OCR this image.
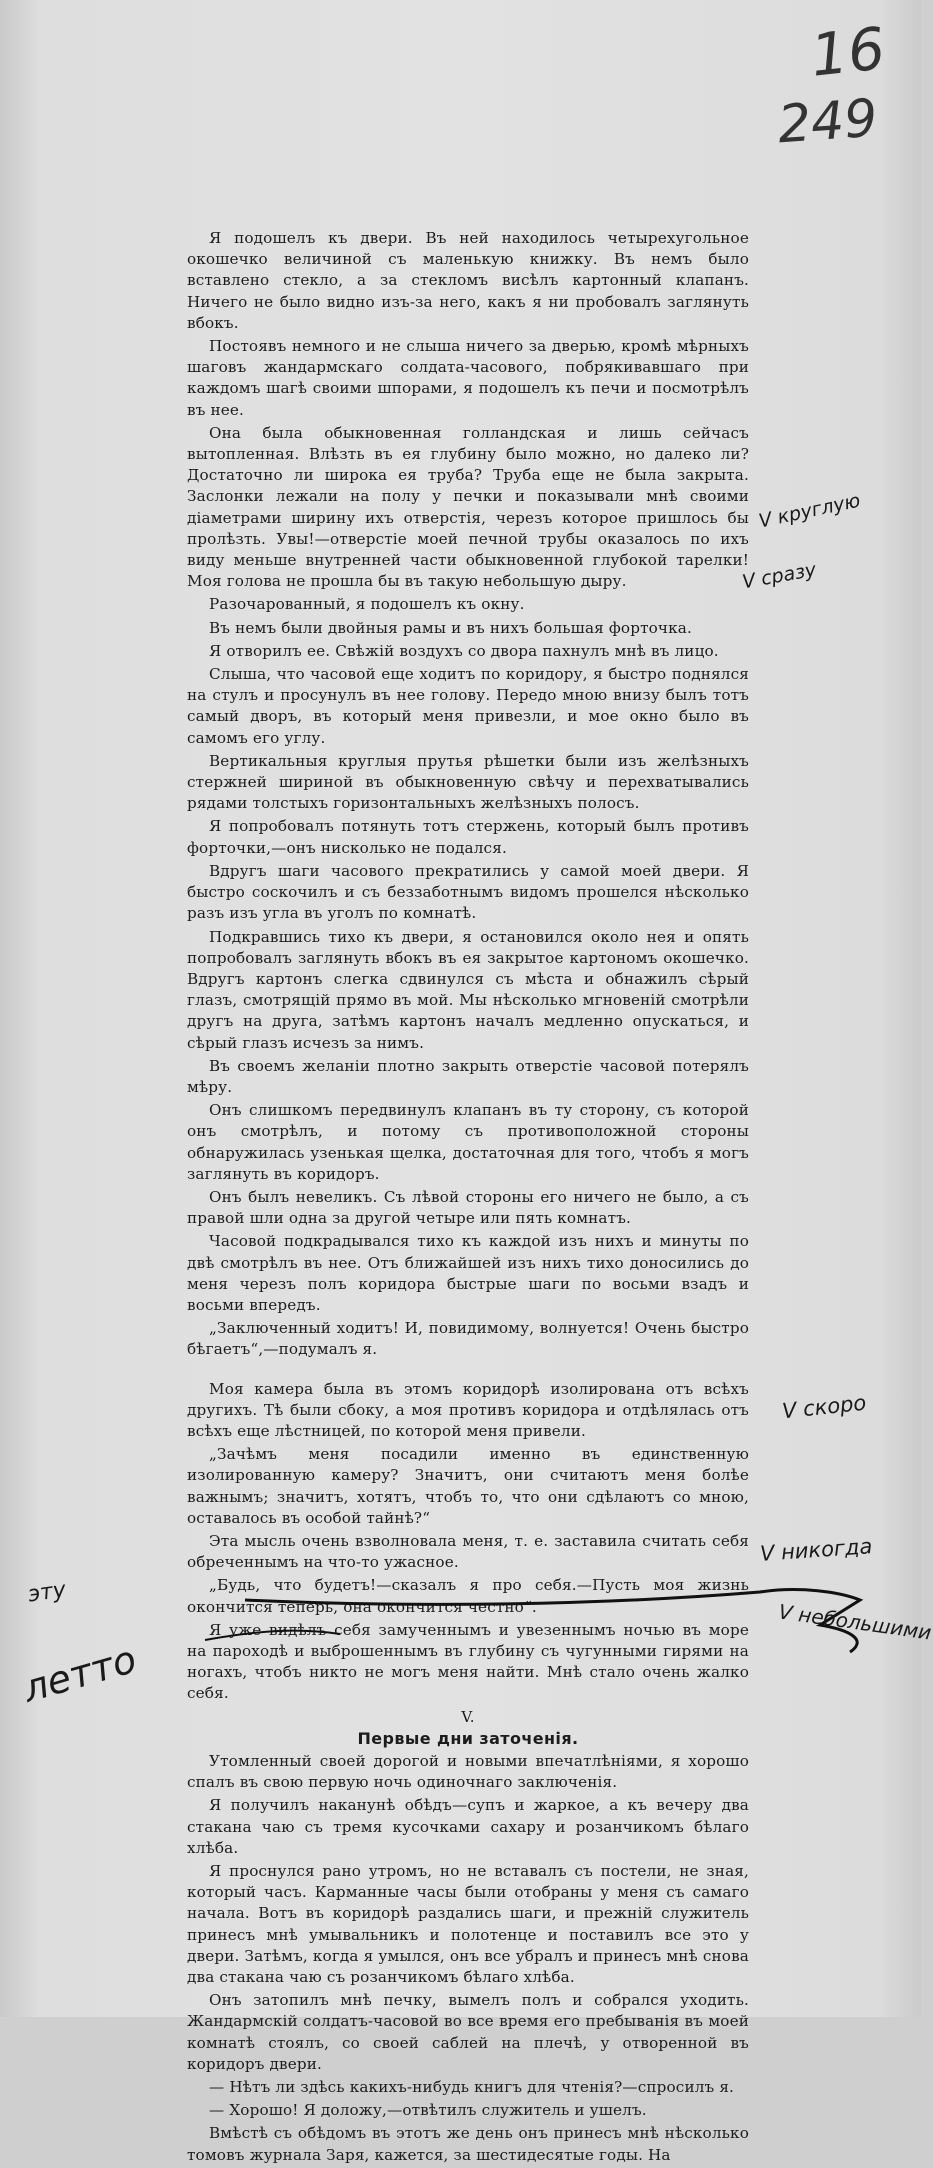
16
249

Я подошелъ къ двери. Въ ней находилось четырехугольное окошечко величиной съ маленькую книжку. Въ немъ было вставлено стекло, а за стекломъ висѣлъ картонный клапанъ. Ничего не было видно изъ-за него, какъ я ни пробовалъ заглянуть вбокъ.

Постоявъ немного и не слыша ничего за дверью, кромѣ мѣрныхъ шаговъ жандармскаго солдата-часового, побрякивавшаго при каждомъ шагѣ своими шпорами, я подошелъ къ печи и посмотрѣлъ въ нее.

Она была обыкновенная голландская и лишь сейчасъ вытопленная. Влѣзть въ ея глубину было можно, но далеко ли? Достаточно ли широка ея труба? Труба еще не была закрыта. Заслонки лежали на полу у печки и показывали мнѣ своими діаметрами ширину ихъ отверстія, черезъ которое пришлось бы пролѣзть. Увы!—отверстіе моей печной трубы оказалось по ихъ виду меньше внутренней части обыкновенной глубокой тарелки! Моя голова не прошла бы въ такую небольшую дыру.

Разочарованный, я подошелъ къ окну.

Въ немъ были двойныя рамы и въ нихъ большая форточка.

Я отворилъ ее. Свѣжій воздухъ со двора пахнулъ мнѣ въ лицо.

Слыша, что часовой еще ходитъ по коридору, я быстро поднялся на стулъ и просунулъ въ нее голову. Передо мною внизу былъ тотъ самый дворъ, въ который меня привезли, и мое окно было въ самомъ его углу.

Вертикальныя круглыя прутья рѣшетки были изъ желѣзныхъ стержней шириной въ обыкновенную свѣчу и перехватывались рядами толстыхъ горизонтальныхъ желѣзныхъ полосъ.

Я попробовалъ потянуть тотъ стержень, который былъ противъ форточки,—онъ нисколько не подался.

Вдругъ шаги часового прекратились у самой моей двери. Я быстро соскочилъ и съ беззаботнымъ видомъ прошелся нѣсколько разъ изъ угла въ уголъ по комнатѣ.

Подкравшись тихо къ двери, я остановился около нея и опять попробовалъ заглянуть вбокъ въ ея закрытое картономъ окошечко. Вдругъ картонъ слегка сдвинулся съ мѣста и обнажилъ сѣрый глазъ, смотрящій прямо въ мой. Мы нѣсколько мгновеній смотрѣли другъ на друга, затѣмъ картонъ началъ медленно опускаться, и сѣрый глазъ исчезъ за нимъ.

Въ своемъ желаніи плотно закрыть отверстіе часовой потерялъ мѣру.

Онъ слишкомъ передвинулъ клапанъ въ ту сторону, съ которой онъ смотрѣлъ, и потому съ противоположной стороны обнаружилась узенькая щелка, достаточная для того, чтобъ я могъ заглянуть въ коридоръ.

Онъ былъ невеликъ. Съ лѣвой стороны его ничего не было, а съ правой шли одна за другой четыре или пять комнатъ.

Часовой подкрадывался тихо къ каждой изъ нихъ и минуты по двѣ смотрѣлъ въ нее. Отъ ближайшей изъ нихъ тихо доносились до меня черезъ полъ коридора быстрые шаги по восьми взадъ и восьми впередъ.

„Заключенный ходитъ! И, повидимому, волнуется! Очень быстро бѣгаетъ“,—подумалъ я.

Моя камера была въ этомъ коридорѣ изолирована отъ всѣхъ другихъ. Тѣ были сбоку, а моя противъ коридора и отдѣлялась отъ всѣхъ еще лѣстницей, по которой меня привели.

„Зачѣмъ меня посадили именно въ единственную изолированную камеру? Значитъ, они считаютъ меня болѣе важнымъ; значитъ, хотятъ, чтобъ то, что они сдѣлаютъ со мною, оставалось въ особой тайнѣ?“

Эта мысль очень взволновала меня, т. е. заставила считать себя обреченнымъ на что-то ужасное.

„Будь, что будетъ!—сказалъ я про себя.—Пусть моя жизнь окончится теперь, она окончится честно“.

Я уже видѣлъ себя замученнымъ и увезеннымъ ночью въ море на пароходѣ и выброшеннымъ въ глубину съ чугунными гирями на ногахъ, чтобъ никто не могъ меня найти. Мнѣ стало очень жалко себя.

V.
Первые дни заточенія.

Утомленный своей дорогой и новыми впечатлѣніями, я хорошо спалъ въ свою первую ночь одиночнаго заключенія.

Я получилъ наканунѣ обѣдъ—супъ и жаркое, а къ вечеру два стакана чаю съ тремя кусочками сахару и розанчикомъ бѣлаго хлѣба.

Я проснулся рано утромъ, но не вставалъ съ постели, не зная, который часъ. Карманные часы были отобраны у меня съ самаго начала. Вотъ въ коридорѣ раздались шаги, и прежній служитель принесъ мнѣ умывальникъ и полотенце и поставилъ все это у двери. Затѣмъ, когда я умылся, онъ все убралъ и принесъ мнѣ снова два стакана чаю съ розанчикомъ бѣлаго хлѣба.

Онъ затопилъ мнѣ печку, вымелъ полъ и собрался уходить. Жандармскій солдатъ-часовой во все время его пребыванія въ моей комнатѣ стоялъ, со своей саблей на плечѣ, у отворенной въ коридоръ двери.

— Нѣтъ ли здѣсь какихъ-нибудь книгъ для чтенія?—спросилъ я.

— Хорошо! Я доложу,—отвѣтилъ служитель и ушелъ.

Вмѣстѣ съ обѣдомъ въ этотъ же день онъ принесъ мнѣ нѣсколько томовъ журнала Заря, кажется, за шестидесятые годы. На

V круглую
V сразу
V скоро
V никогда
V небольшими
эту
летто
